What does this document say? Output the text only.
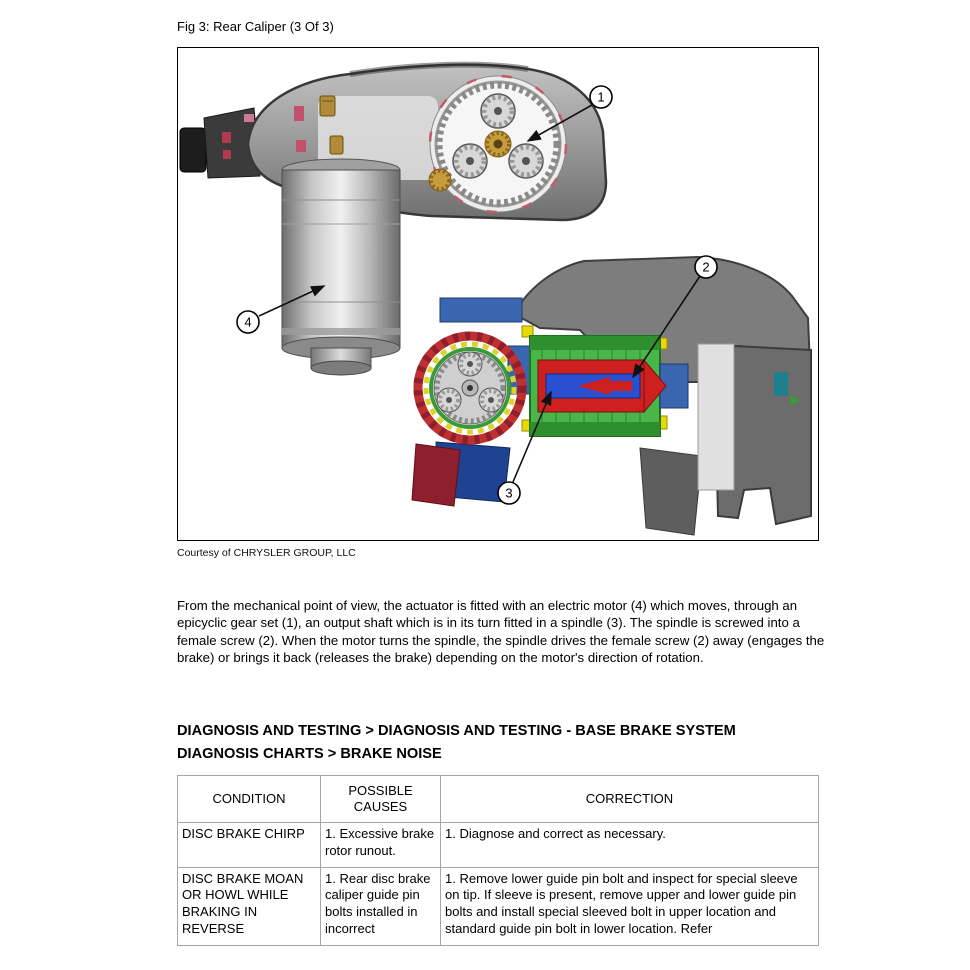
Fig 3: Rear Caliper (3 Of 3)
1
2
3
4
Courtesy of CHRYSLER GROUP, LLC
From the mechanical point of view, the actuator is fitted with an electric motor (4) which moves, through an epicyclic gear set (1), an output shaft which is in its turn fitted in a spindle (3). The spindle is screwed into a female screw (2). When the motor turns the spindle, the spindle drives the female screw (2) away (engages the brake) or brings it back (releases the brake) depending on the motor's direction of rotation.
DIAGNOSIS AND TESTING > DIAGNOSIS AND TESTING - BASE BRAKE SYSTEM
DIAGNOSIS CHARTS > BRAKE NOISE
CONDITION	POSSIBLE CAUSES	CORRECTION
DISC BRAKE CHIRP	1. Excessive brake rotor runout.	1. Diagnose and correct as necessary.
DISC BRAKE MOAN OR HOWL WHILE BRAKING IN REVERSE	1. Rear disc brake caliper guide pin bolts installed in incorrect	1. Remove lower guide pin bolt and inspect for special sleeve on tip. If sleeve is present, remove upper and lower guide pin bolts and install special sleeved bolt in upper location and standard guide pin bolt in lower location. Refer
